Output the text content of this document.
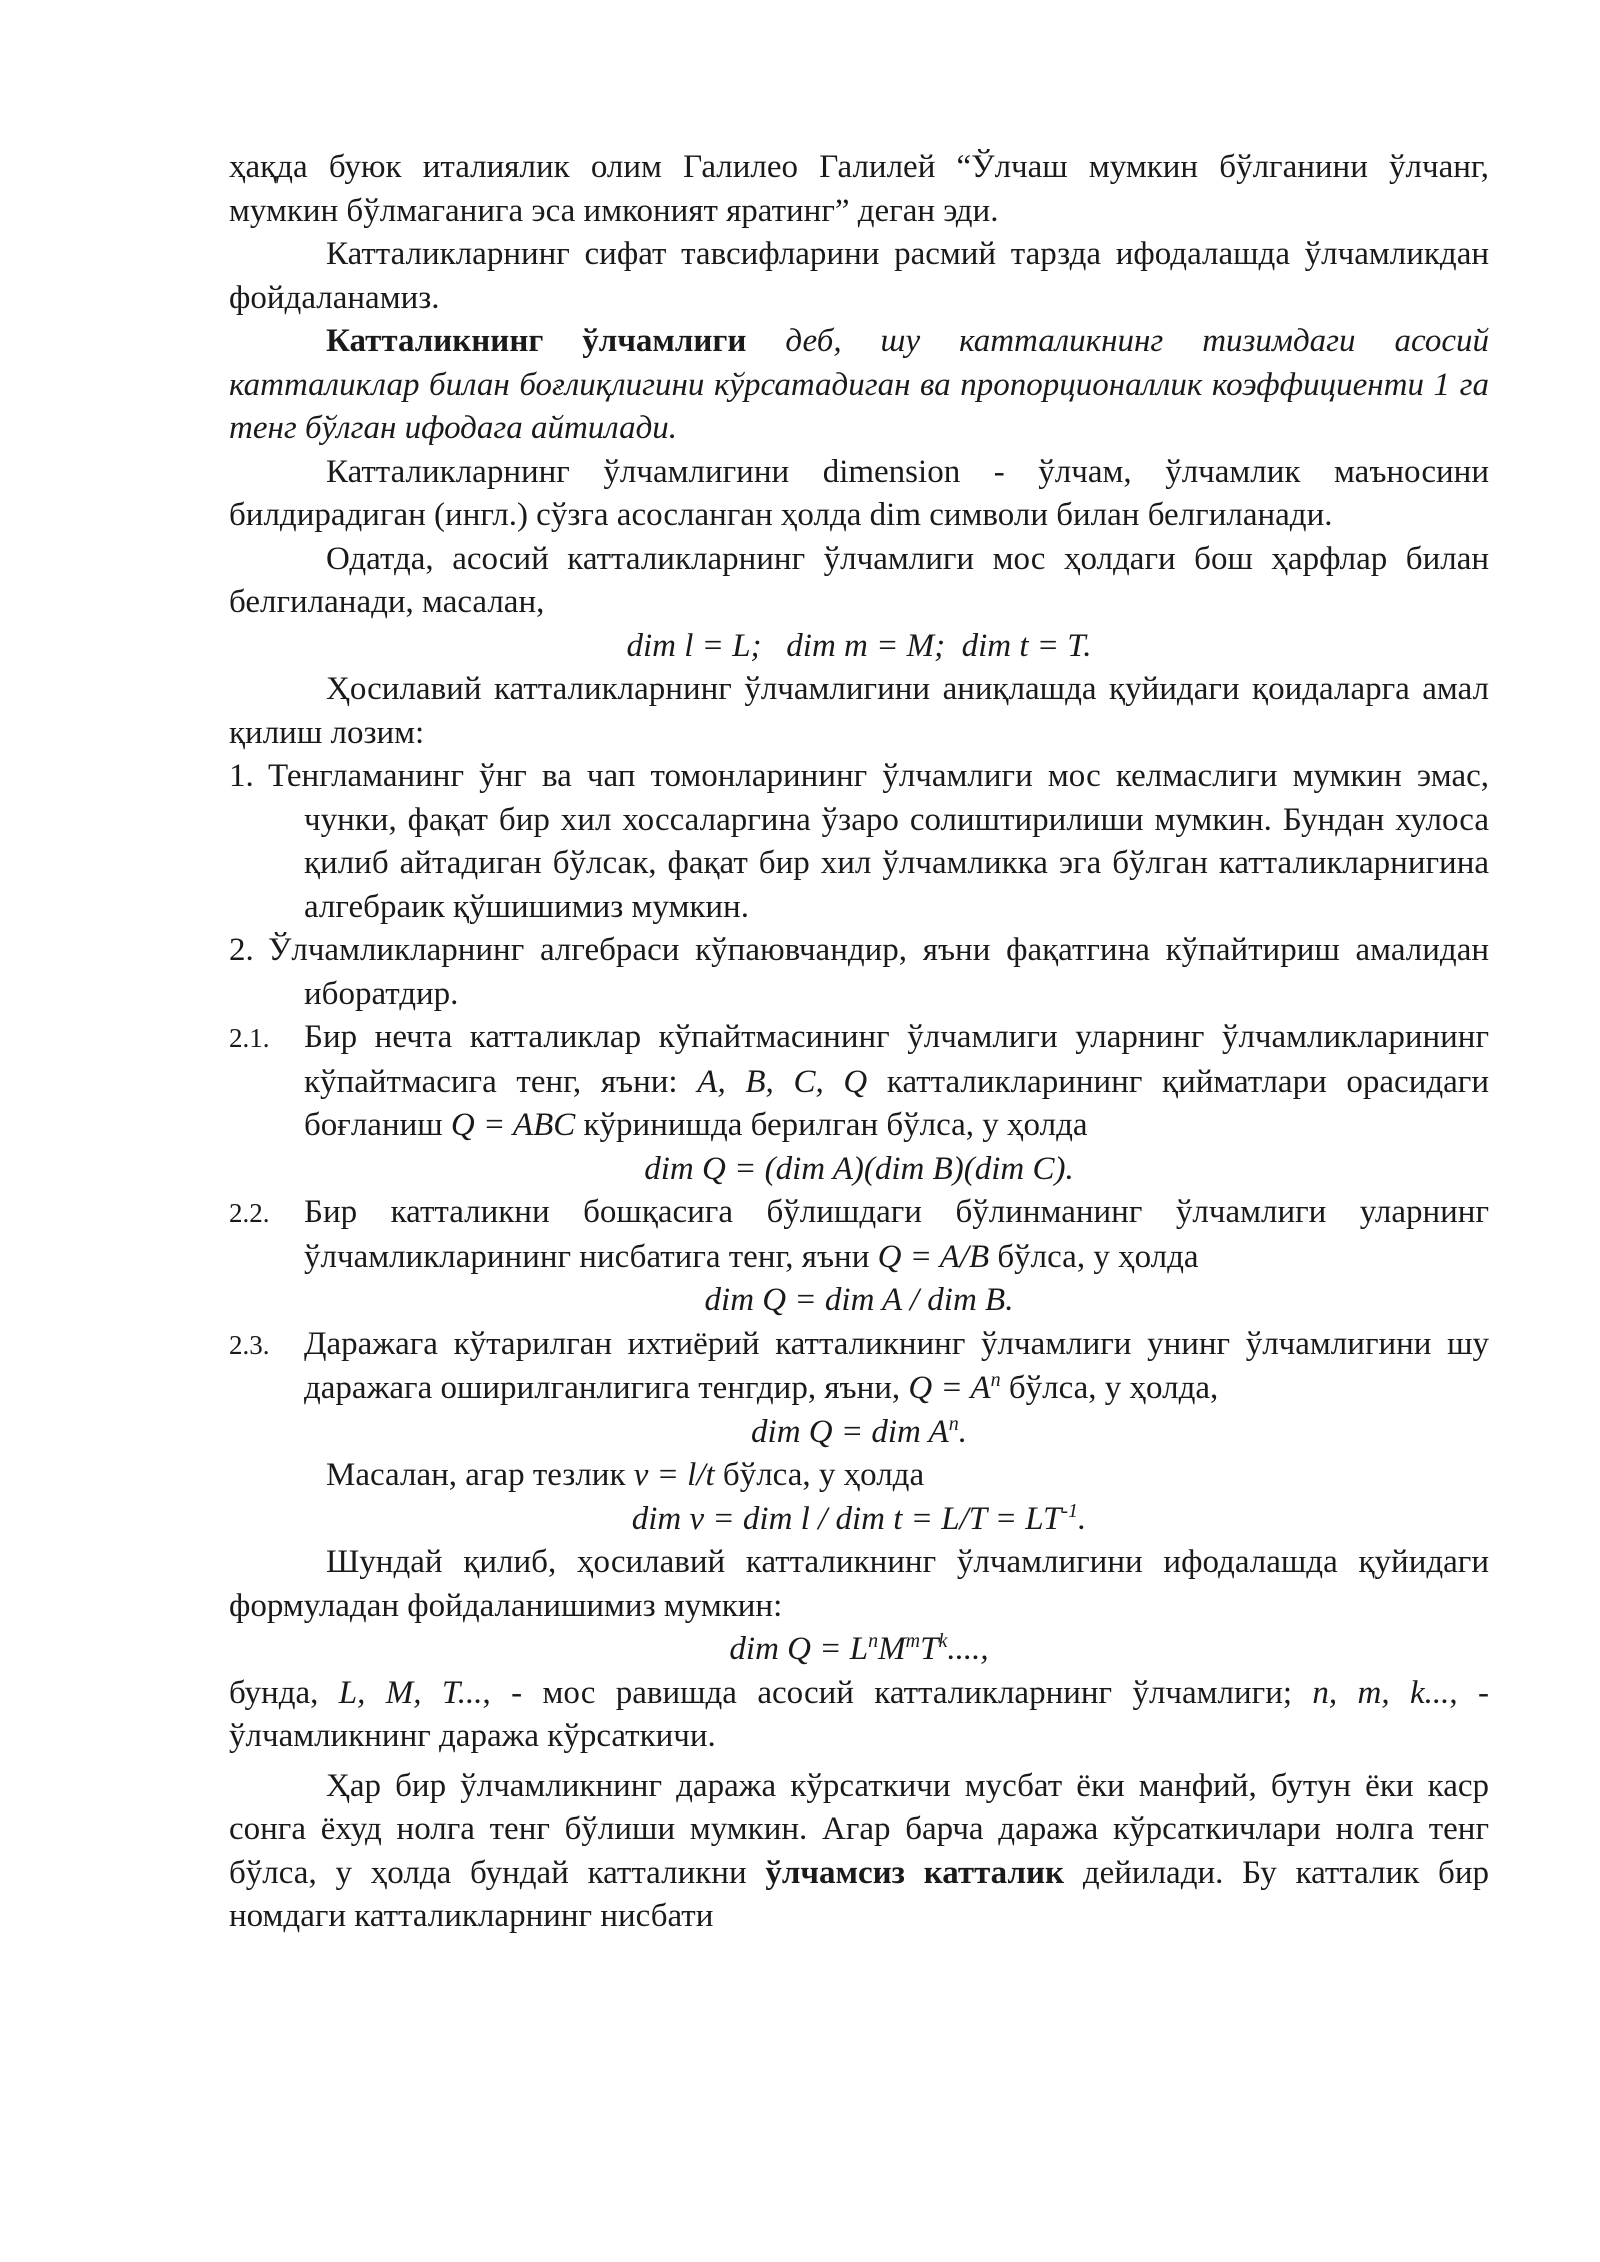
ҳақда буюк италиялик олим Галилео Галилей “Ўлчаш мумкин бўлганини ўлчанг, мумкин бўлмаганига эса имконият яратинг” деган эди.

Катталикларнинг сифат тавсифларини расмий тарзда ифодалашда ўлчамликдан фойдаланамиз.

Катталикнинг ўлчамлиги деб, шу катталикнинг тизимдаги асосий катталиклар билан боғлиқлигини кўрсатадиган ва пропорционаллик коэффициенти 1 га тенг бўлган ифодага айтилади.

Катталикларнинг ўлчамлигини dimension - ўлчам, ўлчамлик маъносини билдирадиган (ингл.) сўзга асосланган ҳолда dim символи билан белгиланади.

Одатда, асосий катталикларнинг ўлчамлиги мос ҳолдаги бош ҳарфлар билан белгиланади, масалан,

dim l = L;   dim m = M;  dim t = T.

Ҳосилавий катталикларнинг ўлчамлигини аниқлашда қуйидаги қоидаларга амал қилиш лозим:

1. Тенгламанинг ўнг ва чап томонларининг ўлчамлиги мос келмаслиги мумкин эмас, чунки, фақат бир хил хоссаларгина ўзаро солиштирилиши мумкин. Бундан хулоса қилиб айтадиган бўлсак, фақат бир хил ўлчамликка эга бўлган катталикларнигина алгебраик қўшишимиз мумкин.

2. Ўлчамликларнинг алгебраси кўпаювчандир, яъни фақатгина кўпайтириш амалидан иборатдир.

2.1. Бир нечта катталиклар кўпайтмасининг ўлчамлиги уларнинг ўлчамликларининг кўпайтмасига тенг, яъни: A, B, C, Q катталикларининг қийматлари орасидаги боғланиш Q = ABC кўринишда берилган бўлса, у ҳолда

dim Q = (dim A)(dim B)(dim C).

2.2. Бир катталикни бошқасига бўлишдаги бўлинманинг ўлчамлиги уларнинг ўлчамликларининг нисбатига тенг, яъни Q = A/B бўлса, у ҳолда

dim Q = dim A / dim B.

2.3. Даражага кўтарилган ихтиёрий катталикнинг ўлчамлиги унинг ўлчамлигини шу даражага оширилганлигига тенгдир, яъни, $Q = A^n$ бўлса, у ҳолда,

dim Q = dim $A^n$.

Масалан, агар тезлик v = l/t бўлса, у ҳолда

dim v = dim l / dim $t = L/T = LT^{-1}$.

Шундай қилиб, ҳосилавий катталикнинг ўлчамлигини ифодалашда қуйидаги формуладан фойдаланишимиз мумкин:

dim $Q = L^nM^mT^k$....,

бунда, L, M, T..., - мос равишда асосий катталикларнинг ўлчамлиги; n, m, k..., - ўлчамликнинг даража кўрсаткичи.

Ҳар бир ўлчамликнинг даража кўрсаткичи мусбат ёки манфий, бутун ёки каср сонга ёхуд нолга тенг бўлиши мумкин. Агар барча даража кўрсаткичлари нолга тенг бўлса, у ҳолда бундай катталикни ўлчамсиз катталик дейилади. Бу катталик бир номдаги катталикларнинг нисбати
